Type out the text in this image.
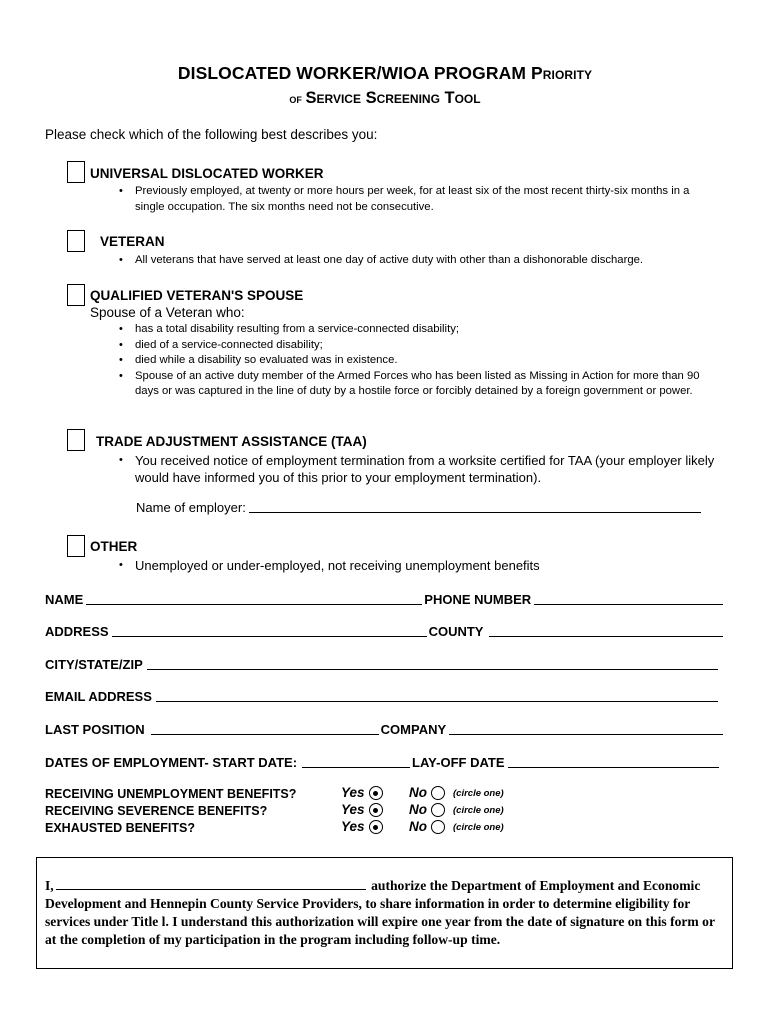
DISLOCATED WORKER/WIOA PROGRAM Priority
of Service Screening Tool
Please check which of the following best describes you:
UNIVERSAL DISLOCATED WORKER
• Previously employed, at twenty or more hours per week, for at least six of the most recent thirty-six months in a single occupation. The six months need not be consecutive.
VETERAN
• All veterans that have served at least one day of active duty with other than a dishonorable discharge.
QUALIFIED VETERAN'S SPOUSE
Spouse of a Veteran who:
• has a total disability resulting from a service-connected disability;
• died of a service-connected disability;
• died while a disability so evaluated was in existence.
• Spouse of an active duty member of the Armed Forces who has been listed as Missing in Action for more than 90 days or was captured in the line of duty by a hostile force or forcibly detained by a foreign government or power.
TRADE ADJUSTMENT ASSISTANCE (TAA)
• You received notice of employment termination from a worksite certified for TAA (your employer likely would have informed you of this prior to your employment termination).
Name of employer:
OTHER
• Unemployed or under-employed, not receiving unemployment benefits
NAME	PHONE NUMBER
ADDRESS	COUNTY
CITY/STATE/ZIP
EMAIL ADDRESS
LAST POSITION	COMPANY
DATES OF EMPLOYMENT- START DATE:	LAY-OFF DATE
RECEIVING UNEMPLOYMENT BENEFITS?	Yes	No	(circle one)
RECEIVING SEVERENCE BENEFITS?	Yes	No	(circle one)
EXHAUSTED BENEFITS?	Yes	No	(circle one)
I,	authorize the Department of Employment and Economic Development and Hennepin County Service Providers, to share information in order to determine eligibility for services under Title l. I understand this authorization will expire one year from the date of signature on this form or at the completion of my participation in the program including follow-up time.
